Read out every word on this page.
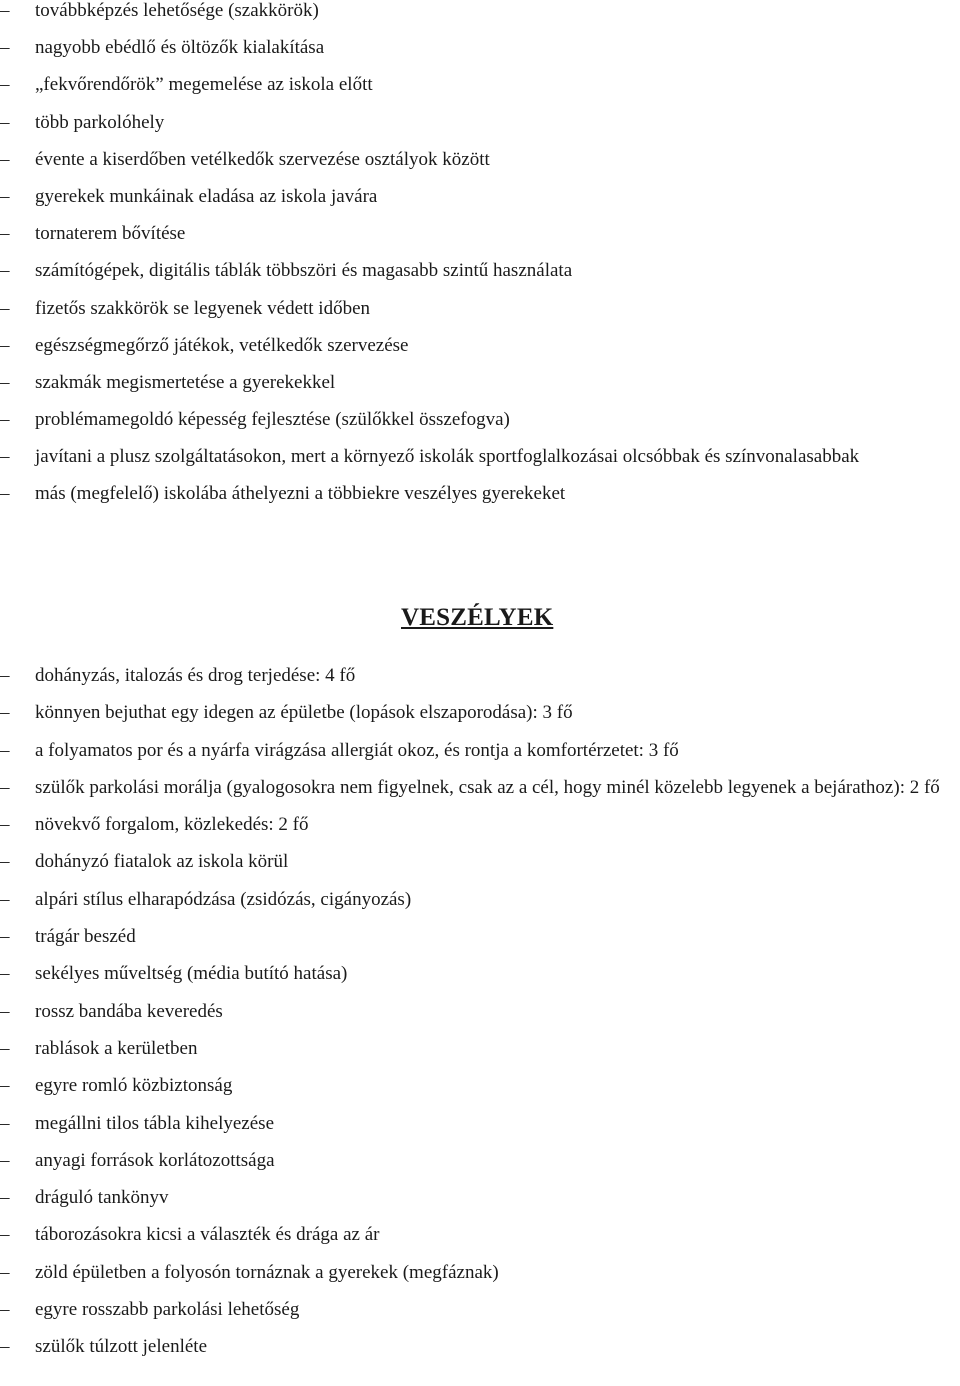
–	továbbképzés lehetősége (szakkörök)
–	nagyobb ebédlő és öltözők kialakítása
–	„fekvőrendőrök” megemelése az iskola előtt
–	több parkolóhely
–	évente a kiserdőben vetélkedők szervezése osztályok között
–	gyerekek munkáinak eladása az iskola javára
–	tornaterem bővítése
–	számítógépek, digitális táblák többszöri és magasabb szintű használata
–	fizetős szakkörök se legyenek védett időben
–	egészségmegőrző játékok, vetélkedők szervezése
–	szakmák megismertetése a gyerekekkel
–	problémamegoldó képesség fejlesztése (szülőkkel összefogva)
–	javítani a plusz szolgáltatásokon, mert a környező iskolák sportfoglalkozásai olcsóbbak és színvonalasabbak
–	más (megfelelő) iskolába áthelyezni a többiekre veszélyes gyerekeket
VESZÉLYEK
–	dohányzás, italozás és drog terjedése: 4 fő
–	könnyen bejuthat egy idegen az épületbe (lopások elszaporodása): 3 fő
–	a folyamatos por és a nyárfa virágzása allergiát okoz, és rontja a komfortérzetet: 3 fő
–	szülők parkolási morálja (gyalogosokra nem figyelnek, csak az a cél, hogy minél közelebb legyenek a bejárathoz): 2 fő
–	növekvő forgalom, közlekedés: 2 fő
–	dohányzó fiatalok az iskola körül
–	alpári stílus elharapódzása (zsidózás, cigányozás)
–	trágár beszéd
–	sekélyes műveltség (média butító hatása)
–	rossz bandába keveredés
–	rablások a kerületben
–	egyre romló közbiztonság
–	megállni tilos tábla kihelyezése
–	anyagi források korlátozottsága
–	dráguló tankönyv
–	táborozásokra kicsi a választék és drága az ár
–	zöld épületben a folyosón tornáznak a gyerekek (megfáznak)
–	egyre rosszabb parkolási lehetőség
–	szülők túlzott jelenléte
